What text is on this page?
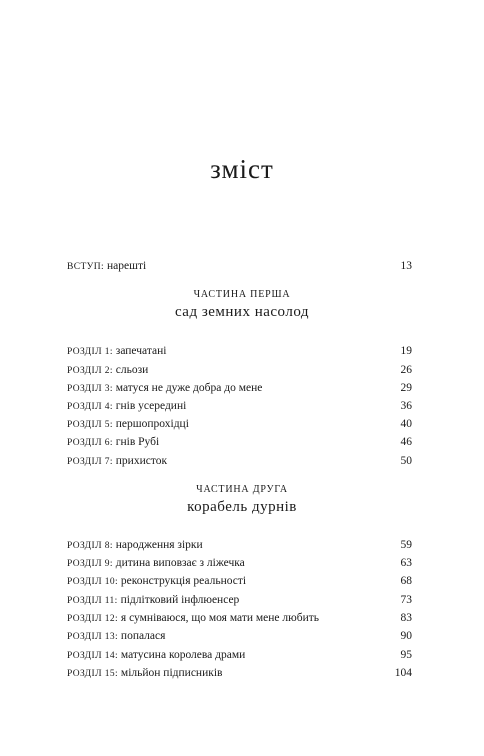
зміст
ВСТУП: нарешті	13
ЧАСТИНА ПЕРША
сад земних насолод
РОЗДІЛ 1: запечатані	19
РОЗДІЛ 2: сльози	26
РОЗДІЛ 3: матуся не дуже добра до мене	29
РОЗДІЛ 4: гнів усередині	36
РОЗДІЛ 5: першопрохідці	40
РОЗДІЛ 6: гнів Рубі	46
РОЗДІЛ 7: прихисток	50
ЧАСТИНА ДРУГА
корабель дурнів
РОЗДІЛ 8: народження зірки	59
РОЗДІЛ 9: дитина виповзає з ліжечка	63
РОЗДІЛ 10: реконструкція реальності	68
РОЗДІЛ 11: підлітковий інфлюенсер	73
РОЗДІЛ 12: я сумніваюся, що моя мати мене любить	83
РОЗДІЛ 13: попалася	90
РОЗДІЛ 14: матусина королева драми	95
РОЗДІЛ 15: мільйон підписників	104
